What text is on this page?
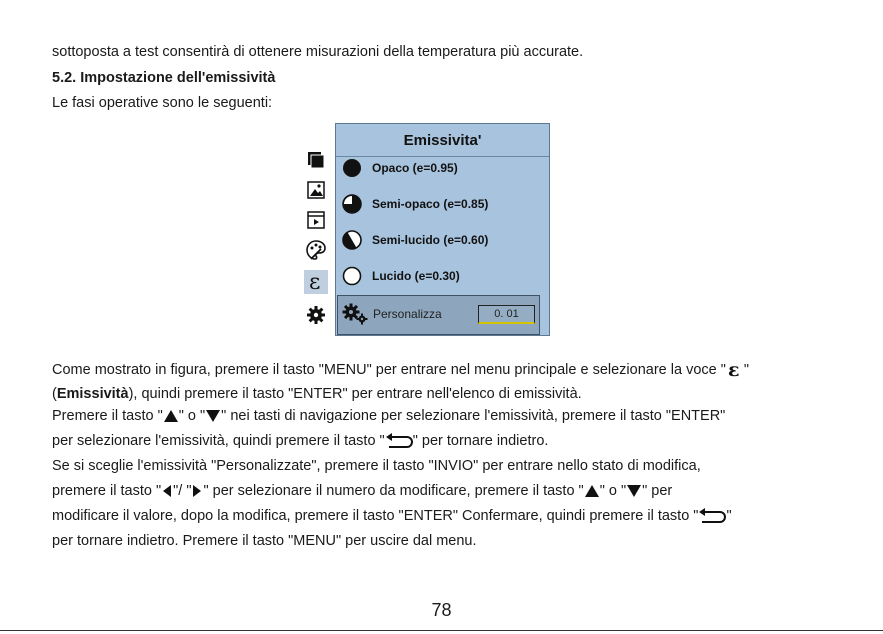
sottoposta a test consentirà di ottenere misurazioni della temperatura più accurate.
5.2. Impostazione dell'emissività
Le fasi operative sono le seguenti:
ε
Emissivita'
Opaco (e=0.95)
Semi-opaco (e=0.85)
Semi-lucido (e=0.60)
Lucido (e=0.30)
Personalizza	0. 01
Come mostrato in figura, premere il tasto "MENU" per entrare nel menu principale e selezionare la voce " ε "
(Emissività), quindi premere il tasto "ENTER" per entrare nell'elenco di emissività.
Premere il tasto " " o " " nei tasti di navigazione per selezionare l'emissività, premere il tasto "ENTER"
per selezionare l'emissività, quindi premere il tasto " " per tornare indietro.
Se si sceglie l'emissività "Personalizzate", premere il tasto "INVIO" per entrare nello stato di modifica,
premere il tasto " "/ " " per selezionare il numero da modificare, premere il tasto " " o " " per
modificare il valore, dopo la modifica, premere il tasto "ENTER" Confermare, quindi premere il tasto " "
per tornare indietro. Premere il tasto "MENU" per uscire dal menu.
78
